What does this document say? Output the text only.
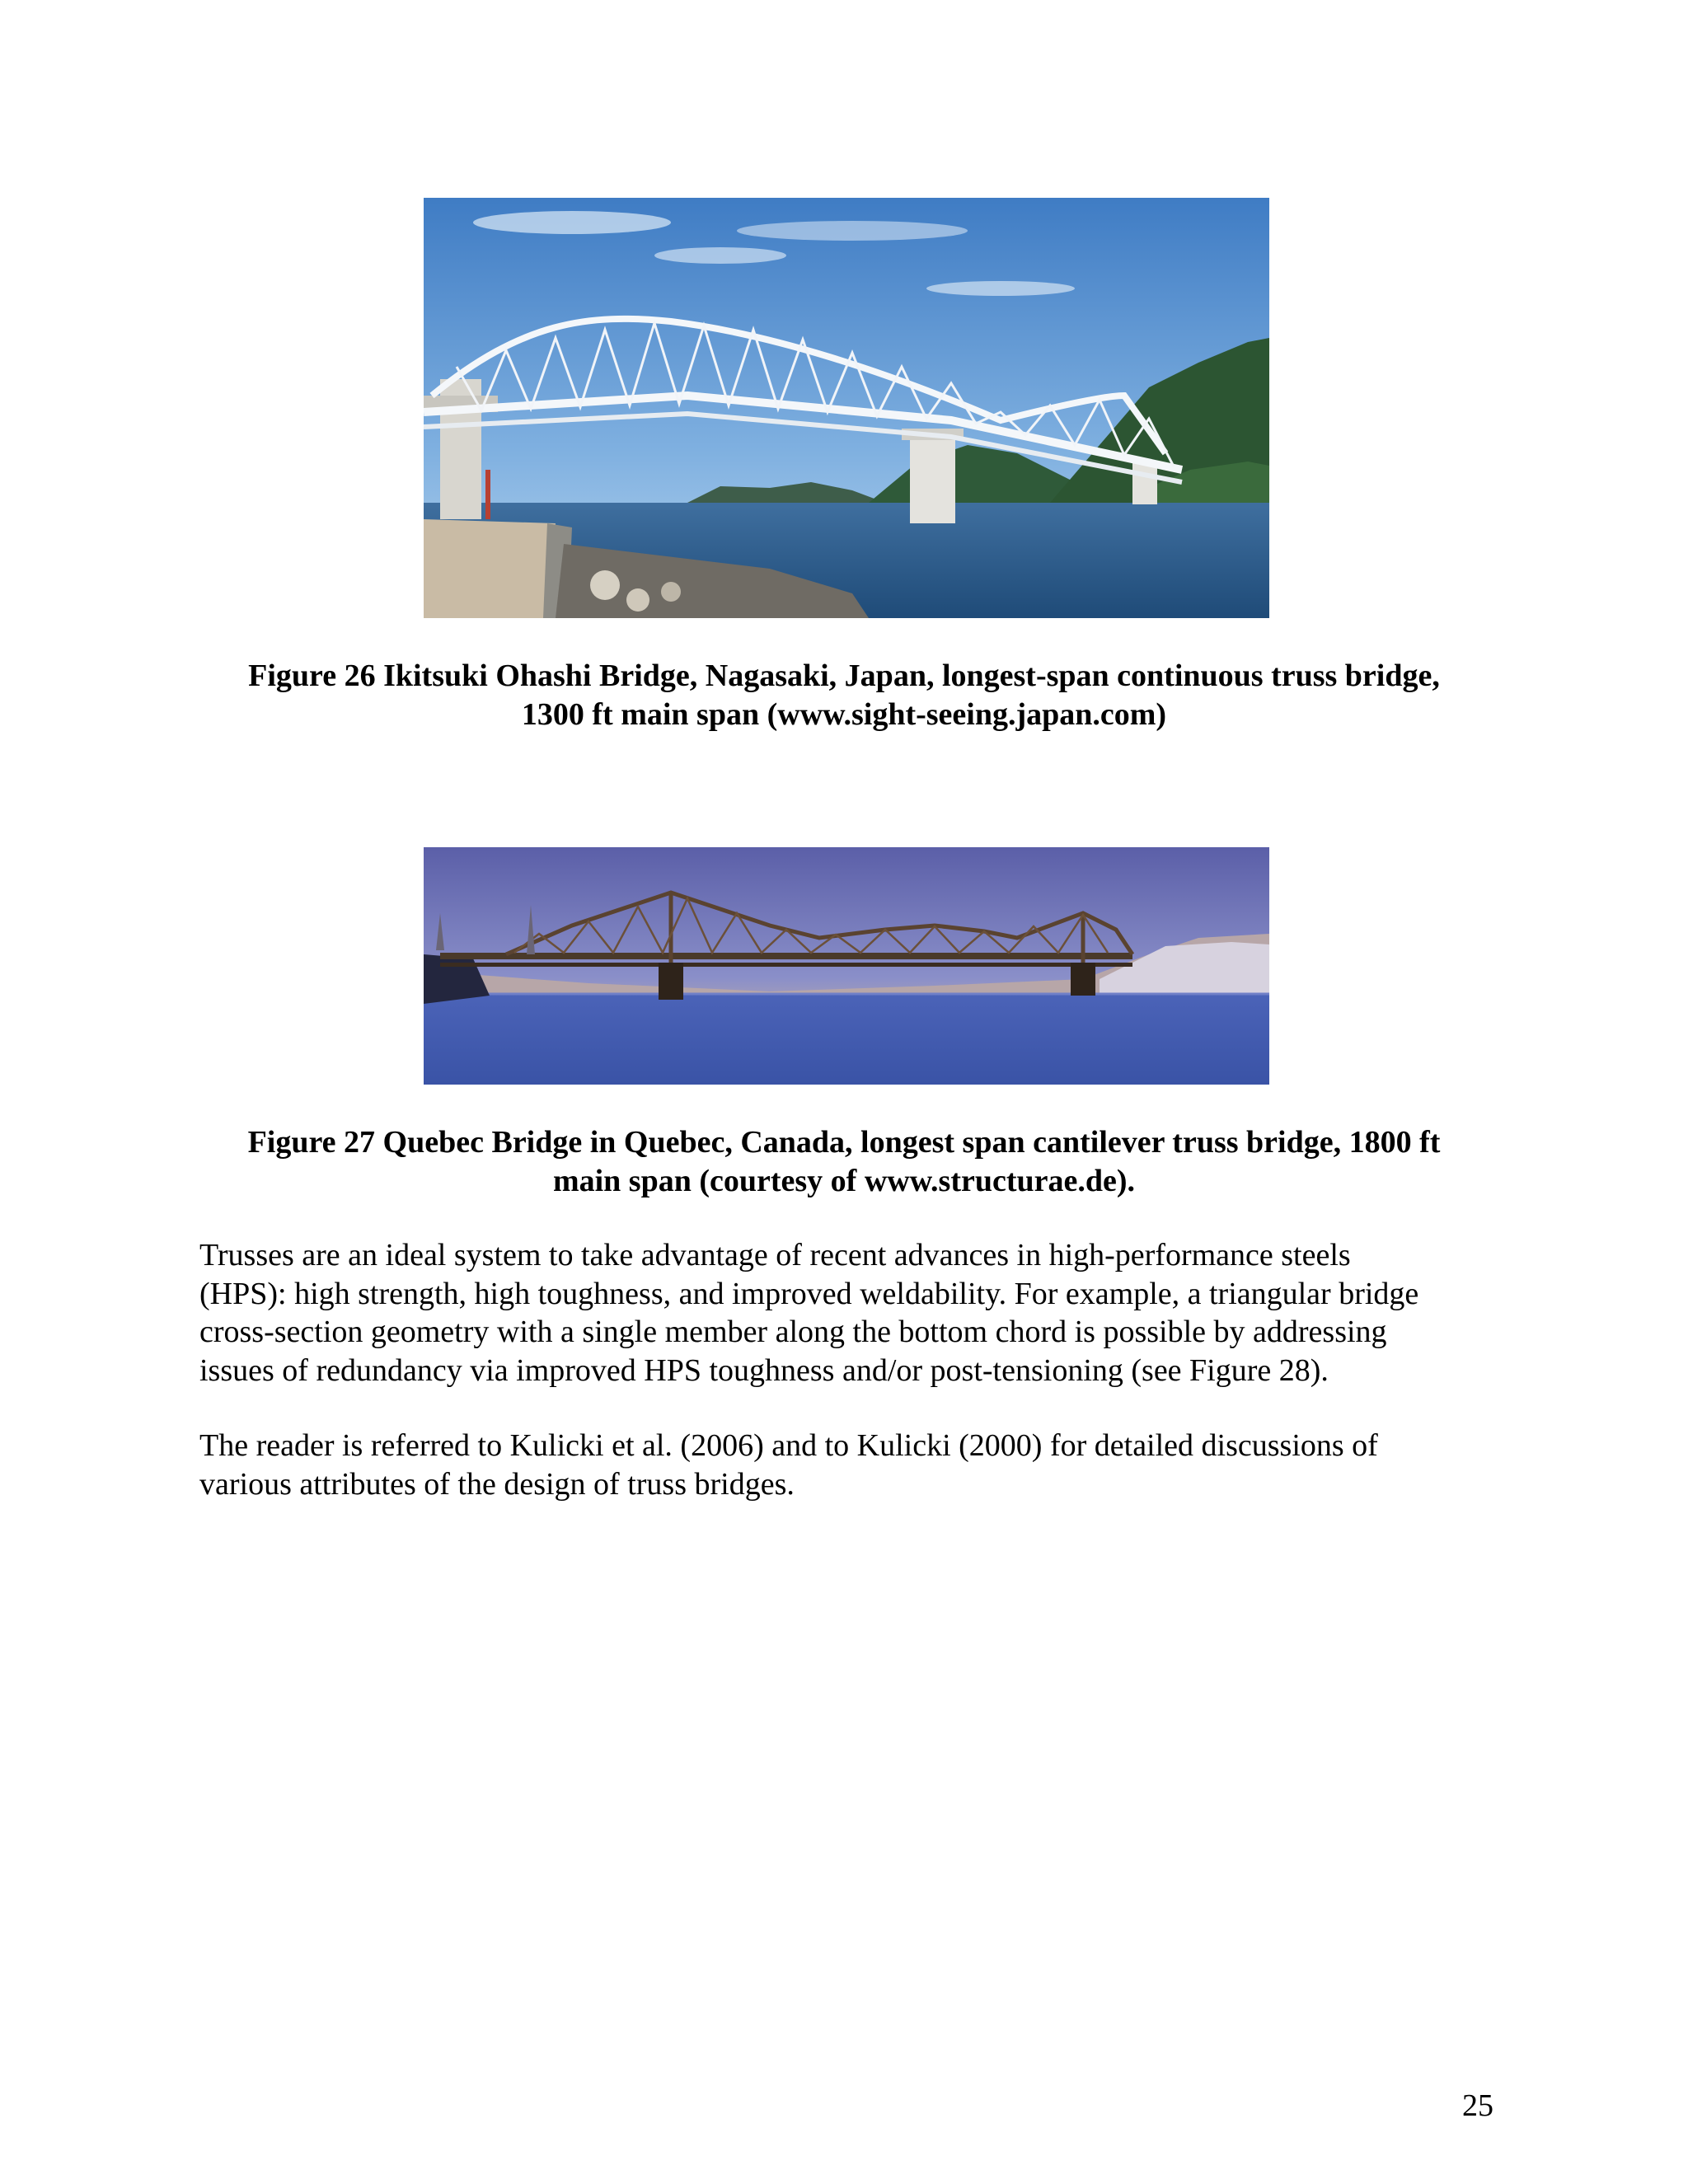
Figure 26 Ikitsuki Ohashi Bridge, Nagasaki, Japan, longest-span continuous truss bridge,
1300 ft main span (www.sight-seeing.japan.com)
Figure 27 Quebec Bridge in Quebec, Canada, longest span cantilever truss bridge, 1800 ft
main span (courtesy of www.structurae.de).
Trusses are an ideal system to take advantage of recent advances in high-performance steels
(HPS): high strength, high toughness, and improved weldability. For example, a triangular bridge
cross-section geometry with a single member along the bottom chord is possible by addressing
issues of redundancy via improved HPS toughness and/or post-tensioning (see Figure 28).
The reader is referred to Kulicki et al. (2006) and to Kulicki (2000) for detailed discussions of
various attributes of the design of truss bridges.
25
